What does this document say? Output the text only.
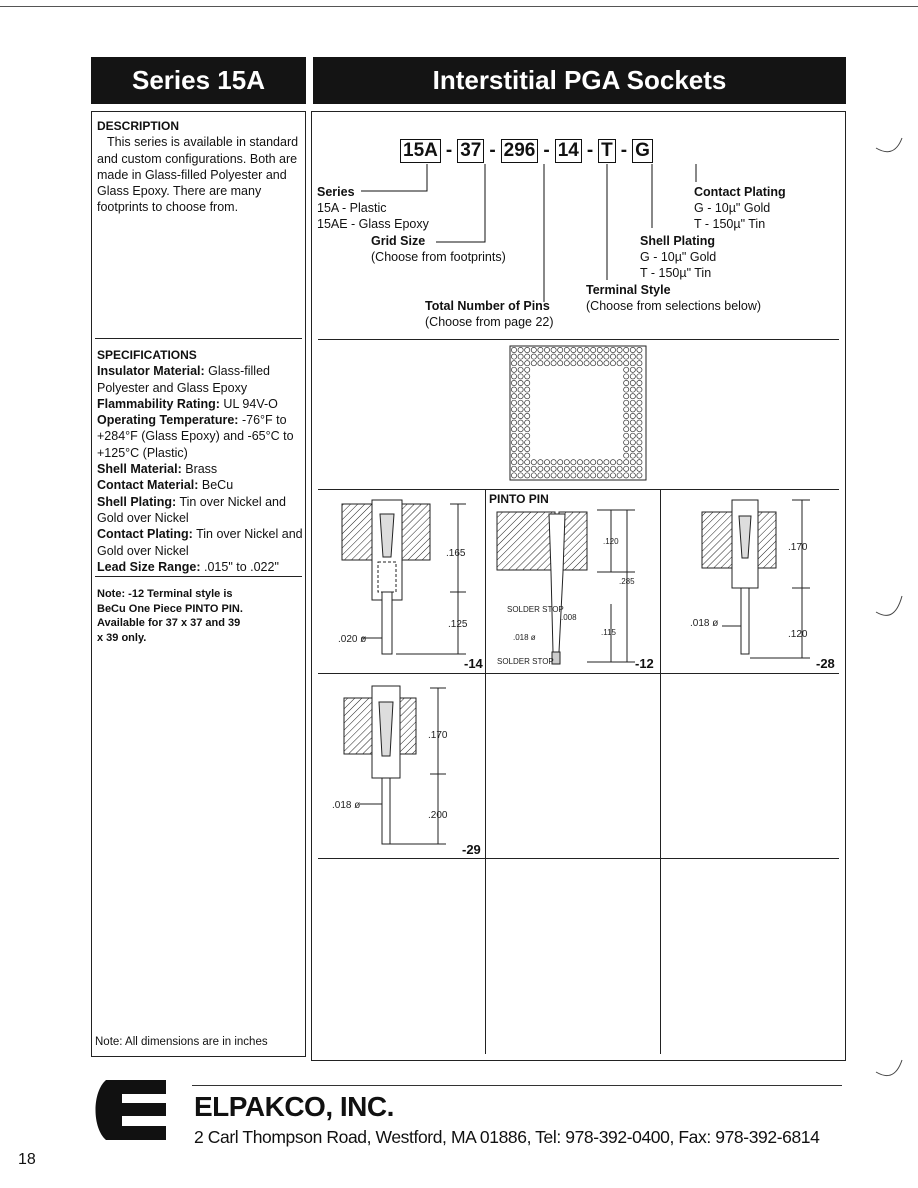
Series 15A	Interstitial PGA Sockets
DESCRIPTION
This series is available in standard and custom configurations. Both are made in Glass-filled Polyester and Glass Epoxy. There are many footprints to choose from.
SPECIFICATIONS
Insulator Material: Glass-filled Polyester and Glass Epoxy
Flammability Rating: UL 94V-O
Operating Temperature: -76°F to +284°F (Glass Epoxy) and -65°C to +125°C (Plastic)
Shell Material: Brass
Contact Material: BeCu
Shell Plating: Tin over Nickel and Gold over Nickel
Contact Plating: Tin over Nickel and Gold over Nickel
Lead Size Range: .015" to .022"
Note: -12 Terminal style is BeCu One Piece PINTO PIN. Available for 37 x 37 and 39 x 39 only.
Note: All dimensions are in inches
15A - 37 - 296 - 14 - T - G
Series
15A - Plastic
15AE - Glass Epoxy
Grid Size
(Choose from footprints)
Total Number of Pins
(Choose from page 22)
Terminal Style
(Choose from selections below)
Shell Plating
G - 10µ" Gold
T - 150µ" Tin
Contact Plating
G - 10µ" Gold
T - 150µ" Tin
.165
.125
.020 ø
-14
PINTO PIN
.120
.285
.008
.115
SOLDER STOP
.018 ø
SOLDER STOP	-12
.170
.120
.018 ø
-28
.170
.200
.018 ø
-29
ELPAKCO, INC.
2 Carl Thompson Road, Westford, MA 01886, Tel: 978-392-0400, Fax: 978-392-6814
18
